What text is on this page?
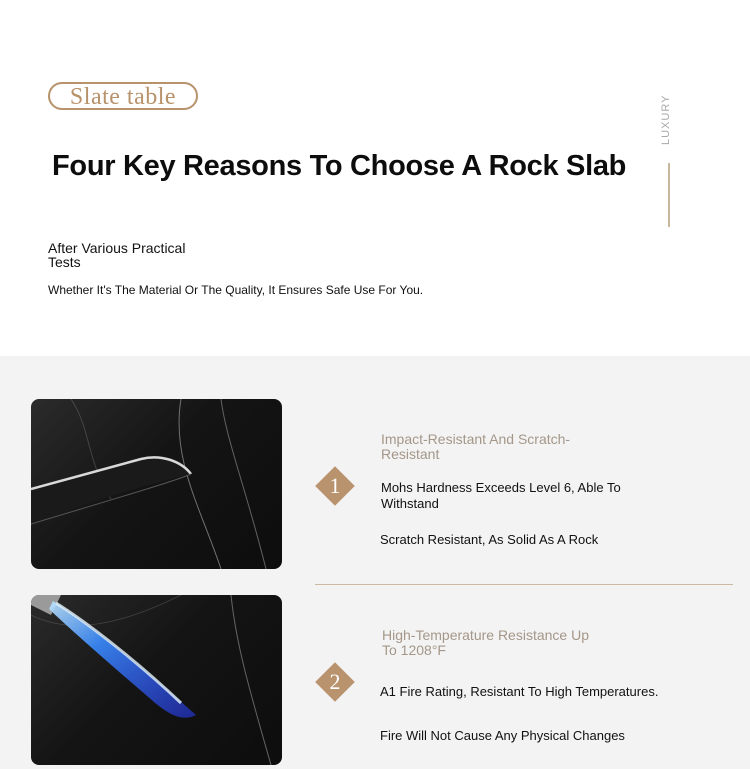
Slate table
Four Key Reasons To Choose A Rock Slab
LUXURY
After Various Practical Tests
Whether It's The Material Or The Quality, It Ensures Safe Use For You.
1
Impact-Resistant And Scratch-Resistant
Mohs Hardness Exceeds Level 6, Able To Withstand
Scratch Resistant, As Solid As A Rock
2
High-Temperature Resistance Up To 1208°F
A1 Fire Rating, Resistant To High Temperatures.
Fire Will Not Cause Any Physical Changes
